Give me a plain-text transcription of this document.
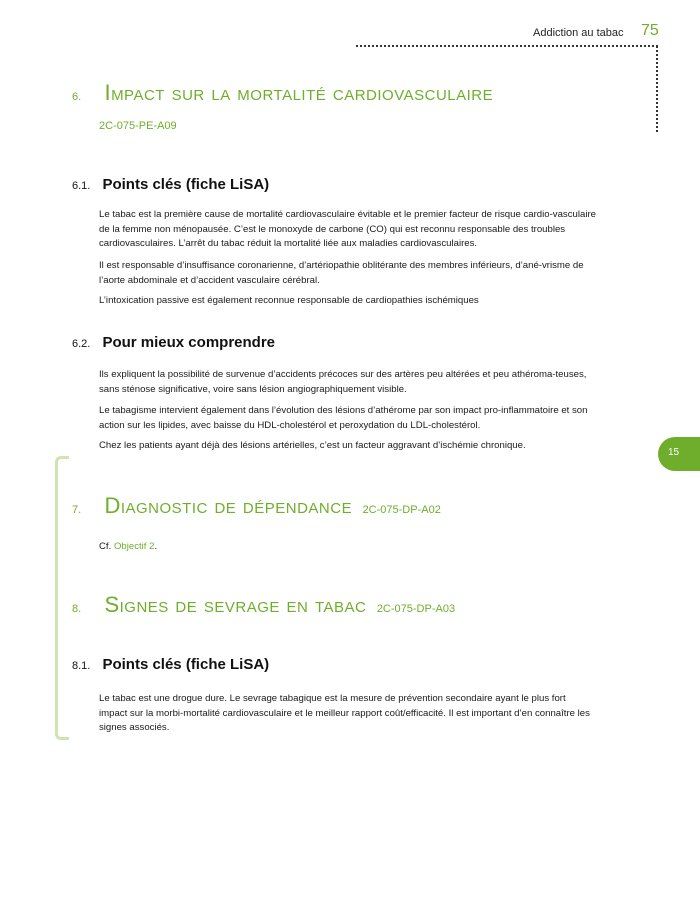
Addiction au tabac 75
15
6. Impact sur la mortalité cardiovasculaire
2C-075-PE-A09
6.1. Points clés (fiche LiSA)

Le tabac est la première cause de mortalité cardiovasculaire évitable et le premier facteur de risque cardio-vasculaire de la femme non ménopausée. C’est le monoxyde de carbone (CO) qui est reconnu responsable des troubles cardiovasculaires. L’arrêt du tabac réduit la mortalité liée aux maladies cardiovasculaires.

Il est responsable d’insuffisance coronarienne, d’artériopathie oblitérante des membres inférieurs, d’ané-vrisme de l’aorte abdominale et d’accident vasculaire cérébral.

L’intoxication passive est également reconnue responsable de cardiopathies ischémiques

6.2. Pour mieux comprendre

Ils expliquent la possibilité de survenue d’accidents précoces sur des artères peu altérées et peu athéroma-teuses, sans sténose significative, voire sans lésion angiographiquement visible.

Le tabagisme intervient également dans l’évolution des lésions d’athérome par son impact pro-inflammatoire et son action sur les lipides, avec baisse du HDL-cholestérol et peroxydation du LDL-cholestérol.

Chez les patients ayant déjà des lésions artérielles, c’est un facteur aggravant d’ischémie chronique.

7. Diagnostic de dépendance 2C-075-DP-A02

Cf. Objectif 2.

8. Signes de sevrage en tabac 2C-075-DP-A03
8.1. Points clés (fiche LiSA)

Le tabac est une drogue dure. Le sevrage tabagique est la mesure de prévention secondaire ayant le plus fort impact sur la morbi-mortalité cardiovasculaire et le meilleur rapport coût/efficacité. Il est important d’en connaître les signes associés.
